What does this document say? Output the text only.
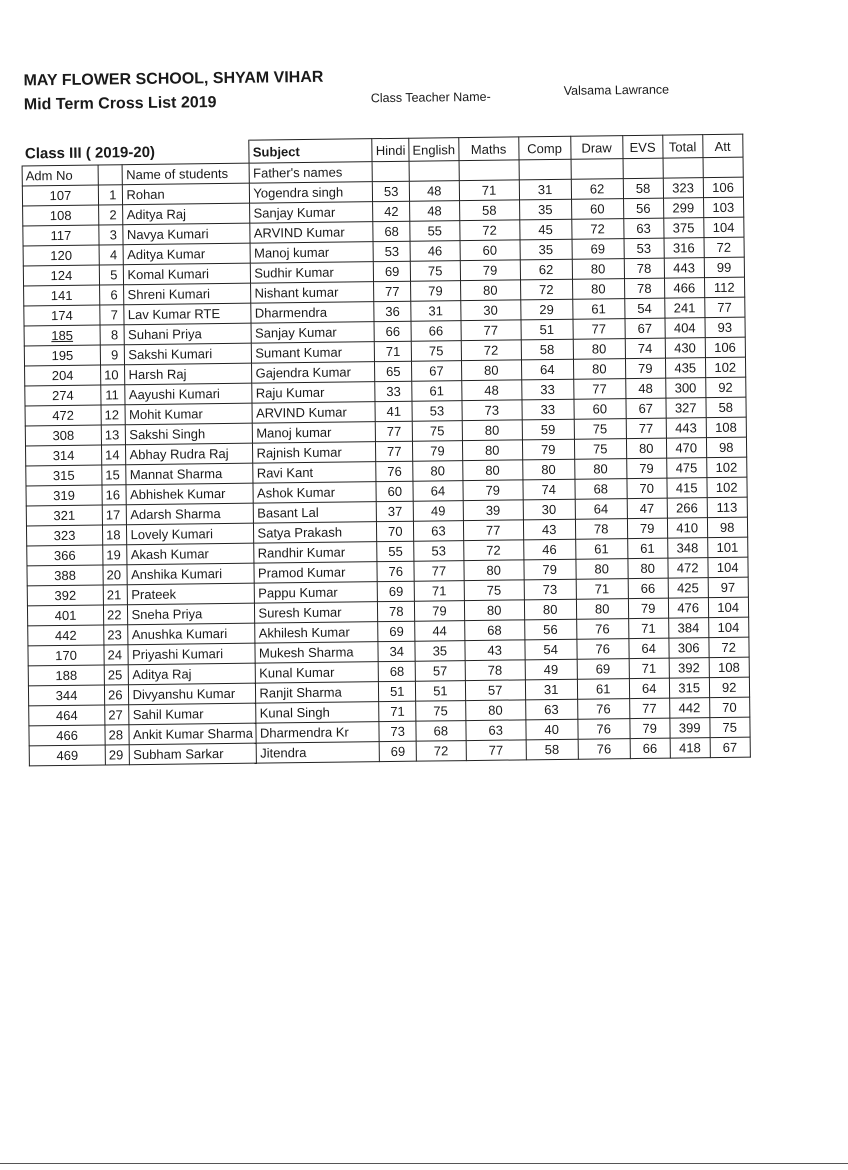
MAY FLOWER SCHOOL, SHYAM VIHAR
Mid Term Cross List 2019	Class Teacher Name-	Valsama Lawrance
Class III ( 2019-20)			Subject	Hindi	English	Maths	Comp	Draw	EVS	Total	Att
Adm No		Name of students	Father's names								
107	1	Rohan	Yogendra singh	53	48	71	31	62	58	323	106
108	2	Aditya Raj	Sanjay Kumar	42	48	58	35	60	56	299	103
117	3	Navya Kumari	ARVIND Kumar	68	55	72	45	72	63	375	104
120	4	Aditya Kumar	Manoj kumar	53	46	60	35	69	53	316	72
124	5	Komal Kumari	Sudhir Kumar	69	75	79	62	80	78	443	99
141	6	Shreni Kumari	Nishant kumar	77	79	80	72	80	78	466	112
174	7	Lav Kumar RTE	Dharmendra	36	31	30	29	61	54	241	77
185	8	Suhani Priya	Sanjay Kumar	66	66	77	51	77	67	404	93
195	9	Sakshi Kumari	Sumant Kumar	71	75	72	58	80	74	430	106
204	10	Harsh Raj	Gajendra Kumar	65	67	80	64	80	79	435	102
274	11	Aayushi Kumari	Raju Kumar	33	61	48	33	77	48	300	92
472	12	Mohit Kumar	ARVIND Kumar	41	53	73	33	60	67	327	58
308	13	Sakshi Singh	Manoj kumar	77	75	80	59	75	77	443	108
314	14	Abhay Rudra Raj	Rajnish Kumar	77	79	80	79	75	80	470	98
315	15	Mannat Sharma	Ravi Kant	76	80	80	80	80	79	475	102
319	16	Abhishek Kumar	Ashok Kumar	60	64	79	74	68	70	415	102
321	17	Adarsh Sharma	Basant Lal	37	49	39	30	64	47	266	113
323	18	Lovely Kumari	Satya Prakash	70	63	77	43	78	79	410	98
366	19	Akash Kumar	Randhir Kumar	55	53	72	46	61	61	348	101
388	20	Anshika Kumari	Pramod Kumar	76	77	80	79	80	80	472	104
392	21	Prateek	Pappu Kumar	69	71	75	73	71	66	425	97
401	22	Sneha Priya	Suresh Kumar	78	79	80	80	80	79	476	104
442	23	Anushka Kumari	Akhilesh Kumar	69	44	68	56	76	71	384	104
170	24	Priyashi Kumari	Mukesh Sharma	34	35	43	54	76	64	306	72
188	25	Aditya Raj	Kunal Kumar	68	57	78	49	69	71	392	108
344	26	Divyanshu Kumar	Ranjit Sharma	51	51	57	31	61	64	315	92
464	27	Sahil Kumar	Kunal Singh	71	75	80	63	76	77	442	70
466	28	Ankit Kumar Sharma	Dharmendra Kr	73	68	63	40	76	79	399	75
469	29	Subham Sarkar	Jitendra	69	72	77	58	76	66	418	67
